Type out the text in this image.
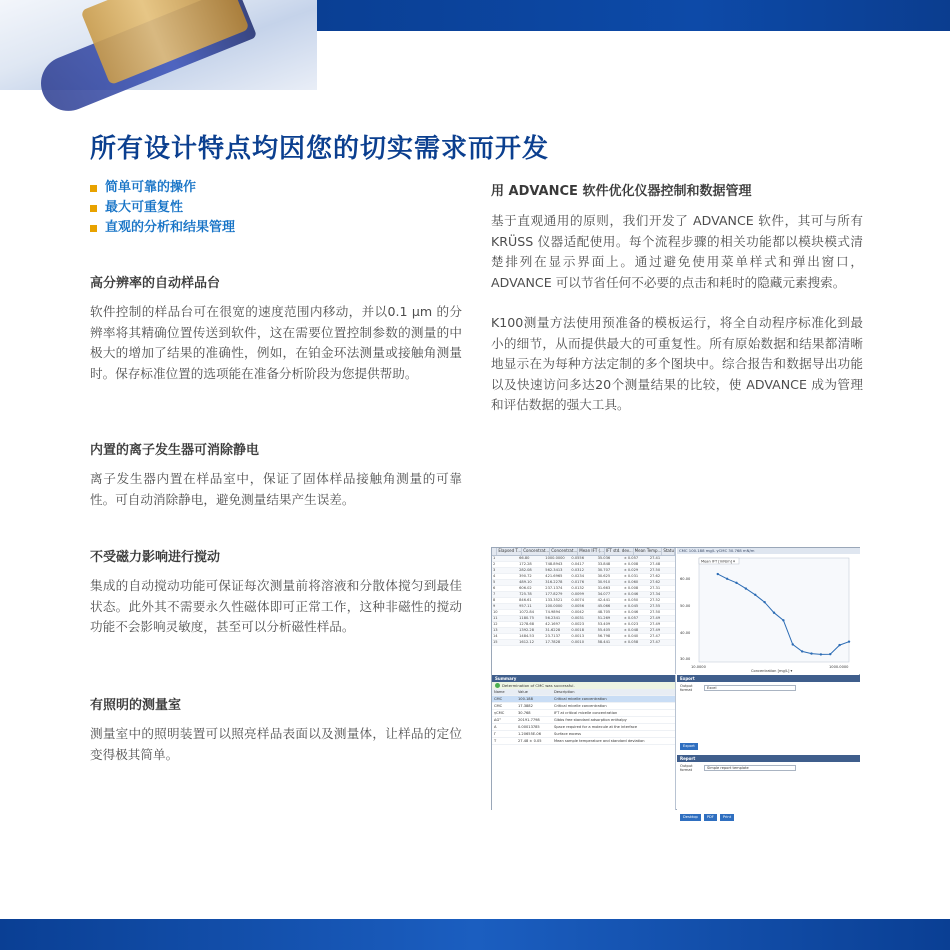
所有设计特点均因您的切实需求而开发
简单可靠的操作
最大可重复性
直观的分析和结果管理
高分辨率的自动样品台
软件控制的样品台可在很宽的速度范围内移动，并以0.1 µm 的分辨率将其精确位置传送到软件，这在需要位置控制参数的测量的中极大的增加了结果的准确性，例如，在铂金环法测量或接触角测量时。保存标准位置的选项能在准备分析阶段为您提供帮助。
内置的离子发生器可消除静电
离子发生器内置在样品室中，保证了固体样品接触角测量的可靠性。可自动消除静电，避免测量结果产生误差。
不受磁力影响进行搅动
集成的自动搅动功能可保证每次测量前将溶液和分散体搅匀到最佳状态。此外其不需要永久性磁体即可正常工作，这种非磁性的搅动功能不会影响灵敏度，甚至可以分析磁性样品。
有照明的测量室
测量室中的照明装置可以照亮样品表面以及测量体，让样品的定位变得极其简单。
用 ADVANCE 软件优化仪器控制和数据管理
基于直观通用的原则，我们开发了 ADVANCE 软件，其可与所有 KRÜSS 仪器适配使用。每个流程步骤的相关功能都以模块模式清楚排列在显示界面上。通过避免使用菜单样式和弹出窗口，ADVANCE 可以节省任何不必要的点击和耗时的隐藏元素搜索。
K100测量方法使用预准备的模板运行，将全自动程序标准化到最小的细节，从而提供最大的可重复性。所有原始数据和结果都清晰地显示在为每种方法定制的多个图块中。综合报告和数据导出功能以及快速访问多达20个测量结果的比较，使 ADVANCE 成为管理和评估数据的强大工具。
Elapsed T... Concentrat... Concentrat... Mean IFT (... IFT std. dev... Mean Temp... Statu
1	66.80	1000.0000	0.0556	35.036	± 0.057	27.41
2	172.28	748.8943	0.0417	33.848	± 0.008	27.48
3	282.08	562.3413	0.0312	30.707	± 0.029	27.50
4	390.72	421.6965	0.0234	30.625	± 0.031	27.62
5	489.10	316.2278	0.0176	30.910	± 0.060	27.62
6	606.02	237.1374	0.0132	31.663	± 0.008	27.31
7	725.78	177.8279	0.0099	34.077	± 0.046	27.34
8	846.61	133.3521	0.0074	42.441	± 0.050	27.52
9	957.11	100.0000	0.0056	45.066	± 0.045	27.55
10	1072.84	74.9894	0.0042	48.705	± 0.046	27.50
11	1180.75	56.2341	0.0031	51.269	± 0.057	27.49
12	1278.68	42.1697	0.0023	53.409	± 0.023	27.49
13	1392.28	31.6228	0.0018	55.405	± 0.048	27.49
14	1484.53	23.7137	0.0013	56.798	± 0.040	27.47
15	1612.12	17.7828	0.0010	58.441	± 0.058	27.47
CMC 100.188 mg/L γCMC 30.768 mN/m
Mean IFT [mN/m] ▾
60.00
50.00
40.00
30.00
10.0000	1000.0000
Concentration [mg/L] ▾
Summary
Determination of CMC was successful.
Name	Value	Description
CMC	100.188	Critical micelle concentration
CMC	17.3882	Critical micelle concentration
γCMC	30.768	IFT at critical micelle concentration
ΔG°	20191.7798	Gibbs free standard adsorption enthalpy
A	0.00013785	Space required for a molecule at the interface
Γ	1.20655E-06	Surface excess
T	27.48 ± 0.05	Mean sample temperature and standard deviation
Export
Output format	Excel
Export
Report
Output format	Simple report template
Desktop	PDF	Print
